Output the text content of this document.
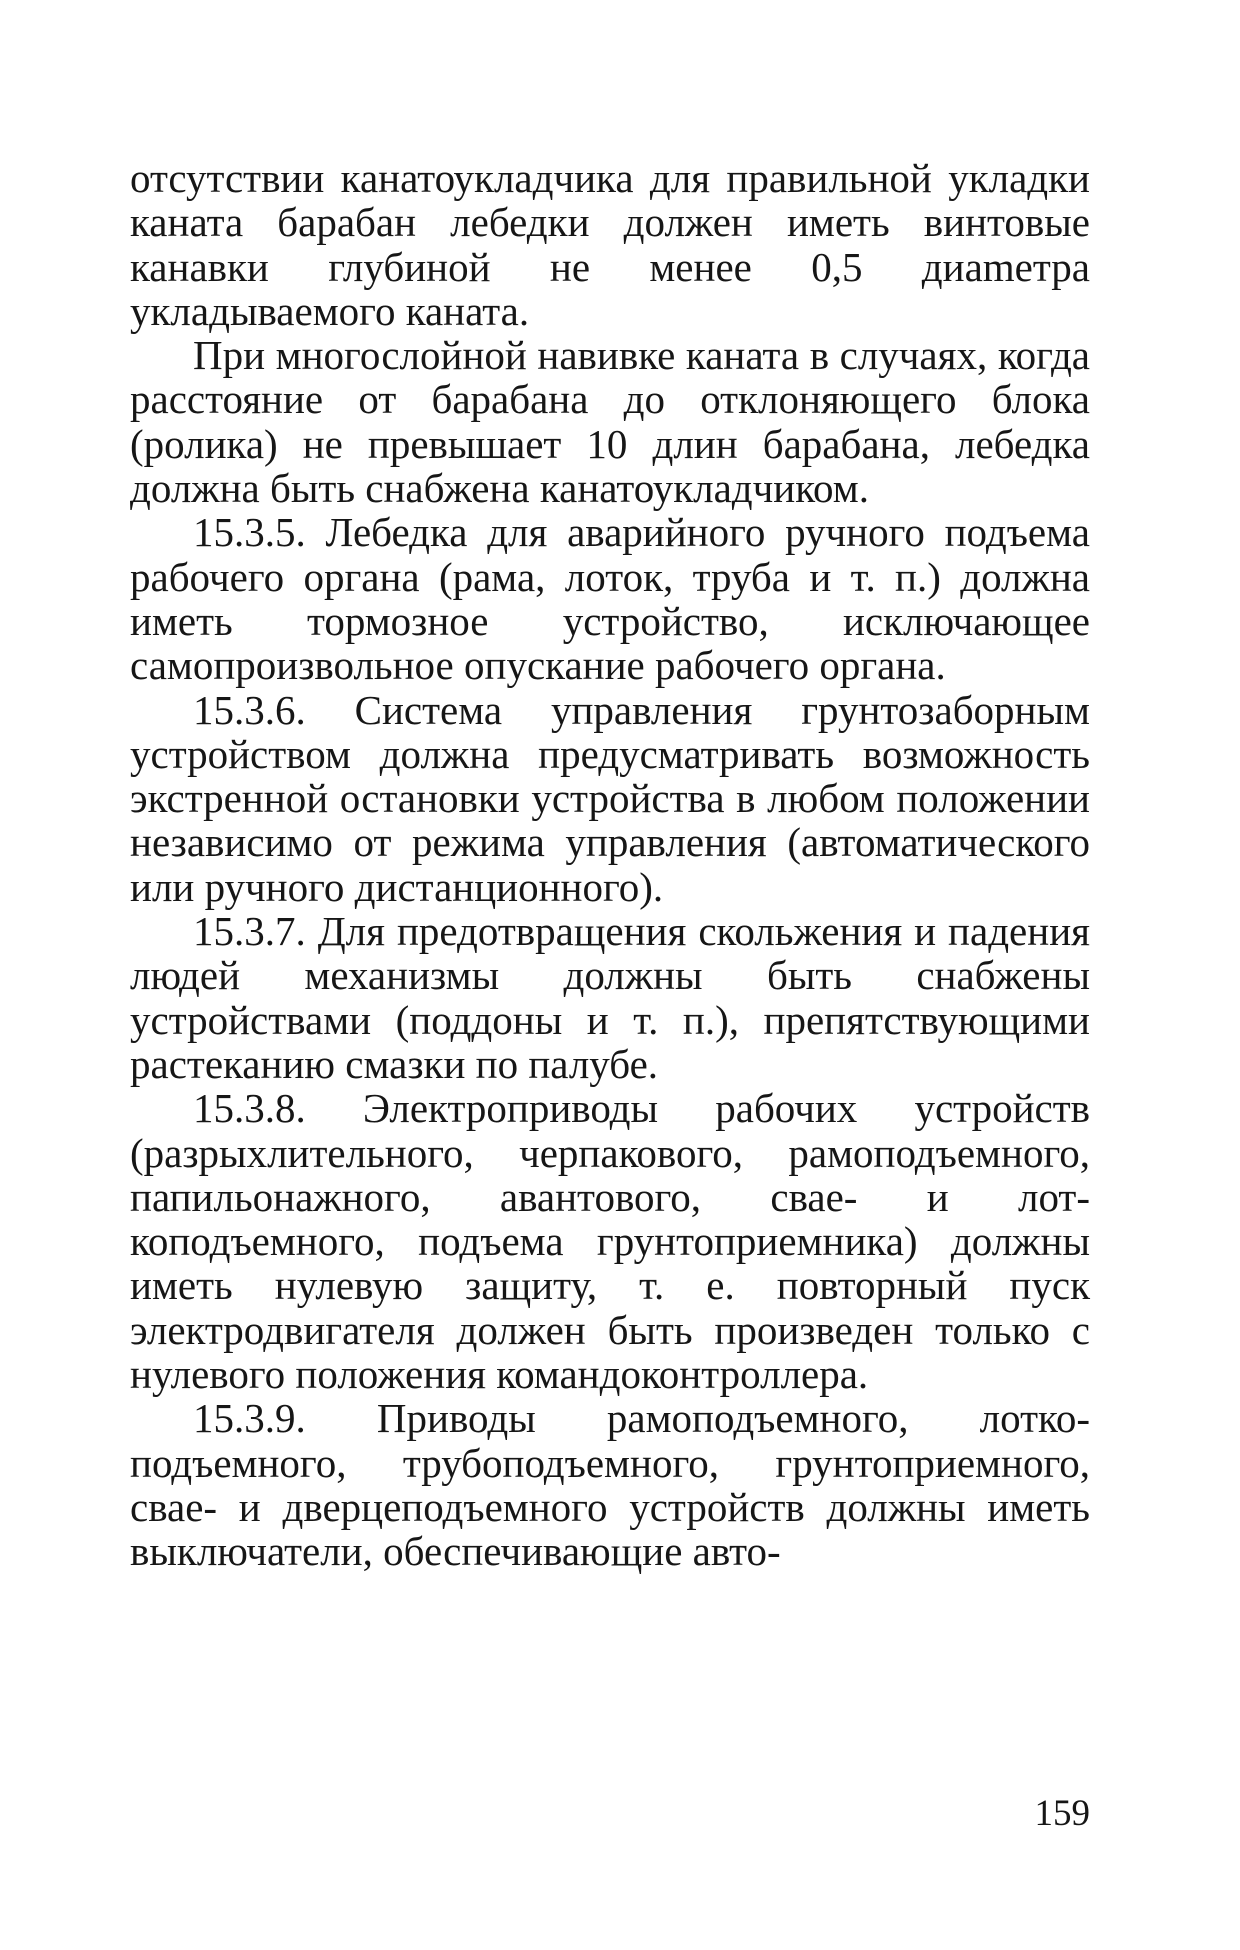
отсутствии канатоукладчика для правильной укладки каната барабан лебедки должен иметь винтовые канавки глубиной не менее 0,5 диаmетра укладываемого каната.

При многослойной навивке каната в случаях, когда расстояние от барабана до отклоняющего блока (ролика) не превышает 10 длин барабана, лебедка должна быть снабжена канатоукладчиком.

15.3.5. Лебедка для аварийного ручного подъема рабочего органа (рама, лоток, труба и т. п.) должна иметь тормозное устройство, исключающее самопроизвольное опускание рабочего органа.

15.3.6. Система управления грунтозаборным устройством должна предусматривать возможность экстренной остановки устройства в любом положении независимо от режима управления (автоматического или ручного дистанционного).

15.3.7. Для предотвращения скольжения и падения людей механизмы должны быть снабжены устройствами (поддоны и т. п.), препятствующими растеканию смазки по палубе.

15.3.8. Электроприводы рабочих устройств (разрыхлительного, черпакового, рамоподъемного, папильонажного, авантового, свае- и лоткоподъемного, подъема грунтоприемника) должны иметь нулевую защиту, т. е. повторный пуск электродвигателя должен быть произведен только с нулевого положения командоконтроллера.

15.3.9. Приводы рамоподъемного, лоткоподъемного, трубоподъемного, грунтоприемного, свае- и дверцеподъемного устройств должны иметь выключатели, обеспечивающие авто-

159
